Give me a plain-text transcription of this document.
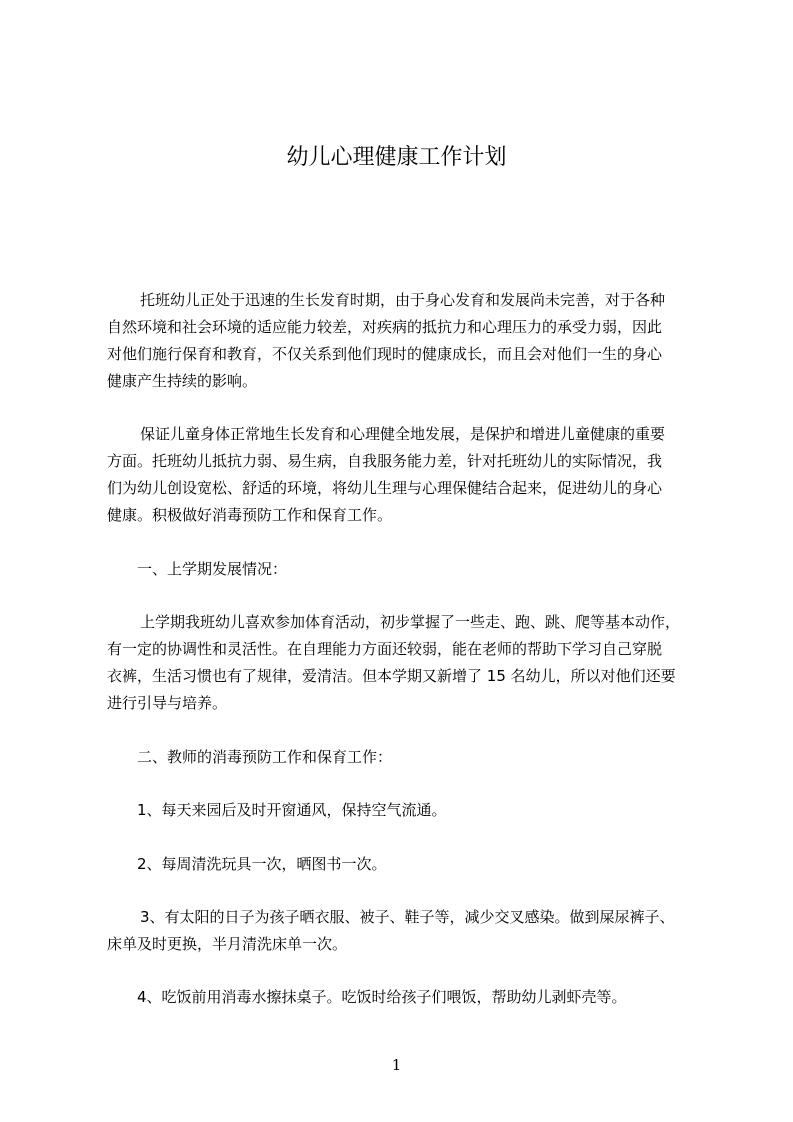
幼儿心理健康工作计划
托班幼儿正处于迅速的生长发育时期，由于身心发育和发展尚未完善，对于各种
自然环境和社会环境的适应能力较差，对疾病的抵抗力和心理压力的承受力弱，因此
对他们施行保育和教育，不仅关系到他们现时的健康成长，而且会对他们一生的身心
健康产生持续的影响。
保证儿童身体正常地生长发育和心理健全地发展，是保护和增进儿童健康的重要
方面。托班幼儿抵抗力弱、易生病，自我服务能力差，针对托班幼儿的实际情况，我
们为幼儿创设宽松、舒适的环境，将幼儿生理与心理保健结合起来，促进幼儿的身心
健康。积极做好消毒预防工作和保育工作。
一、上学期发展情况：
上学期我班幼儿喜欢参加体育活动，初步掌握了一些走、跑、跳、爬等基本动作，
有一定的协调性和灵活性。在自理能力方面还较弱，能在老师的帮助下学习自己穿脱
衣裤，生活习惯也有了规律，爱清洁。但本学期又新增了 15 名幼儿，所以对他们还要
进行引导与培养。
二、教师的消毒预防工作和保育工作：
1、每天来园后及时开窗通风，保持空气流通。
2、每周清洗玩具一次，晒图书一次。
3、有太阳的日子为孩子晒衣服、被子、鞋子等，减少交叉感染。做到屎尿裤子、
床单及时更换，半月清洗床单一次。
4、吃饭前用消毒水擦抹桌子。吃饭时给孩子们喂饭，帮助幼儿剥虾壳等。
1
